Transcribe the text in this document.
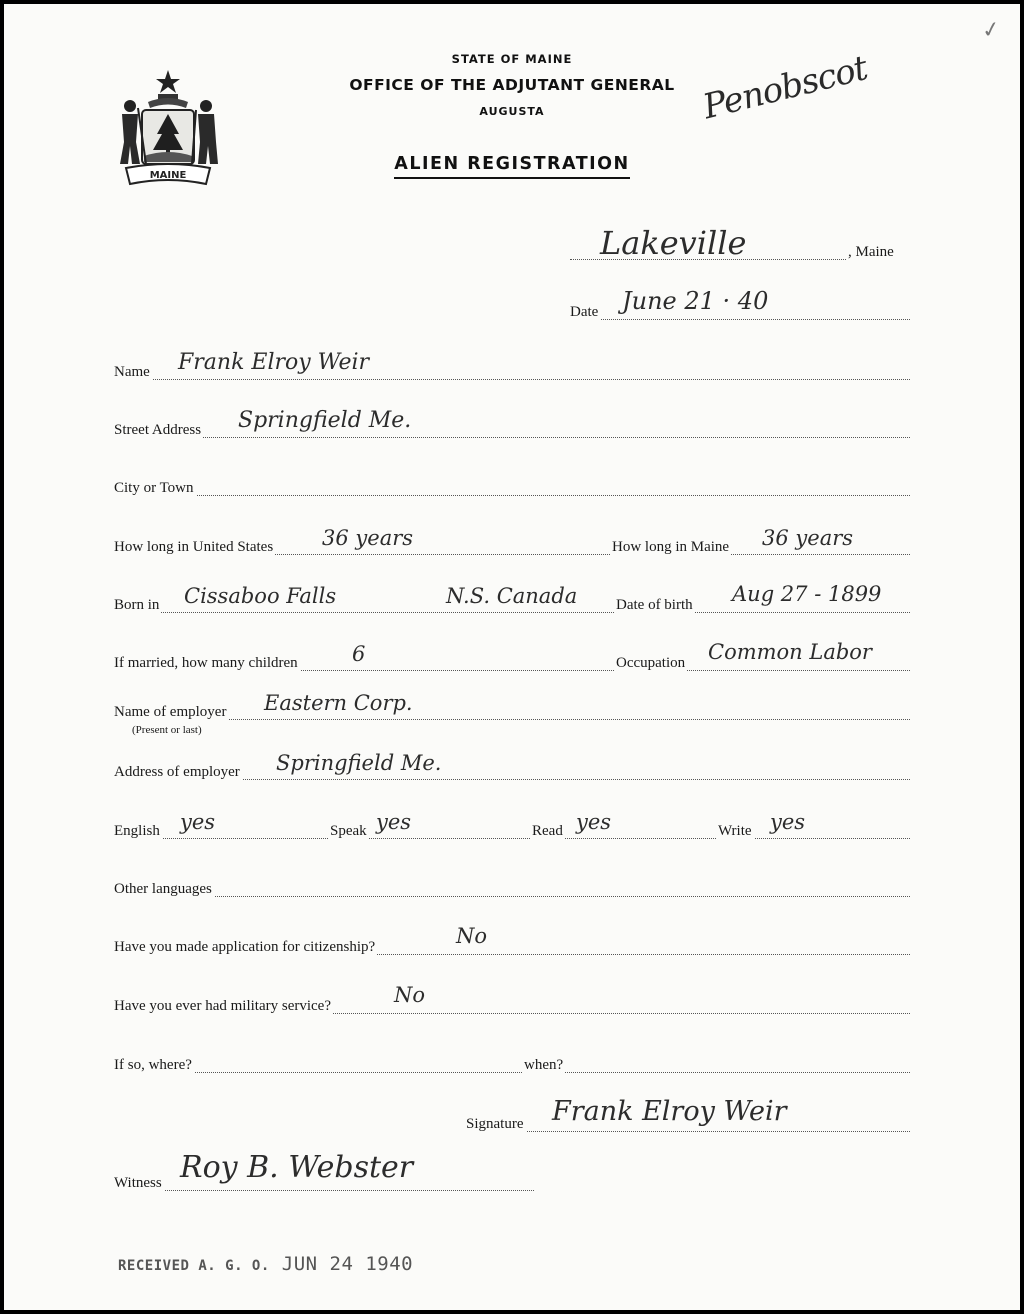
MAINE
STATE OF MAINE
OFFICE OF THE ADJUTANT GENERAL
AUGUSTA
ALIEN REGISTRATION
Penobscot
✓
Lakeville	, Maine
Date June 21 · 40
Name Frank Elroy Weir
Street Address Springfield Me.
City or Town
How long in United States 36 years	How long in Maine 36 years
Born in Cissaboo Falls	N.S. Canada	Date of birth Aug 27 - 1899
If married, how many children	6	Occupation Common Labor
Name of employer Eastern Corp.
(Present or last)
Address of employer Springfield Me.
English yes	Speak yes	Read yes	Write yes
Other languages
Have you made application for citizenship?	No
Have you ever had military service?	No
If so, where?	when?
Signature Frank Elroy Weir
Witness Roy B. Webster
RECEIVED A. G. O. JUN 24 1940
